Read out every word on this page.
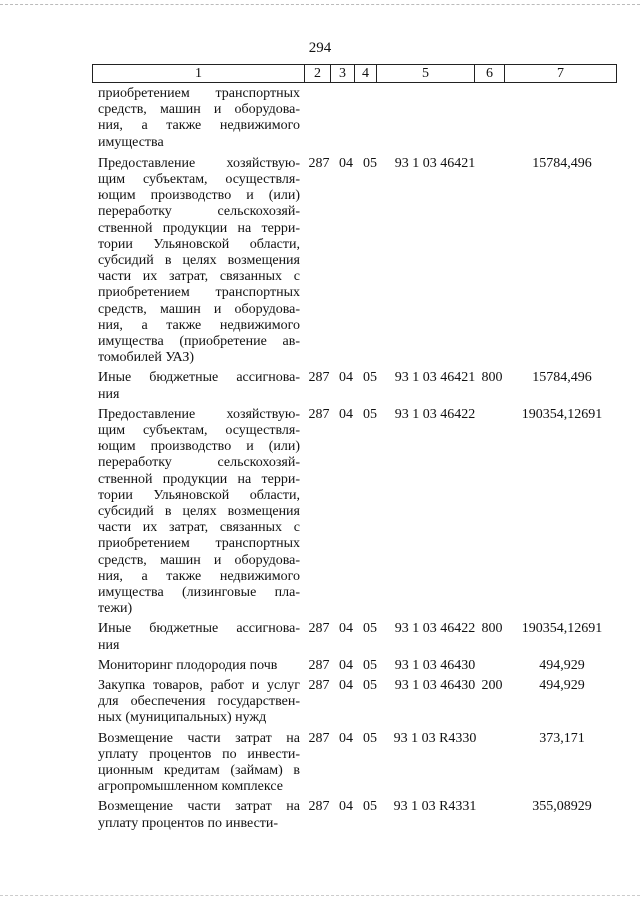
294
1	2	3	4	5	6	7
приобретением транспортных
средств, машин и оборудова-
ния, а также недвижимого
имущества
Предоставление хозяйствую-
щим субъектам, осуществля-
ющим производство и (или)
переработку сельскохозяй-
ственной продукции на терри-
тории Ульяновской области,
субсидий в целях возмещения
части их затрат, связанных с
приобретением транспортных
средств, машин и оборудова-
ния, а также недвижимого
имущества (приобретение ав-
томобилей УАЗ)
287 04 05	93 1 03 46421	15784,496
Иные бюджетные ассигнова-
ния
287 04 05	93 1 03 46421 800	15784,496
Предоставление хозяйствую-
щим субъектам, осуществля-
ющим производство и (или)
переработку сельскохозяй-
ственной продукции на терри-
тории Ульяновской области,
субсидий в целях возмещения
части их затрат, связанных с
приобретением транспортных
средств, машин и оборудова-
ния, а также недвижимого
имущества (лизинговые пла-
тежи)
287 04 05	93 1 03 46422	190354,12691
Иные бюджетные ассигнова-
ния
287 04 05	93 1 03 46422 800	190354,12691
Мониторинг плодородия почв	287 04 05	93 1 03 46430	494,929
Закупка товаров, работ и услуг
для обеспечения государствен-
ных (муниципальных) нужд
287 04 05	93 1 03 46430 200	494,929
Возмещение части затрат на
уплату процентов по инвести-
ционным кредитам (займам) в
агропромышленном комплексе
287 04 05	93 1 03 R4330	373,171
Возмещение части затрат на
уплату процентов по инвести-
287 04 05	93 1 03 R4331	355,08929
